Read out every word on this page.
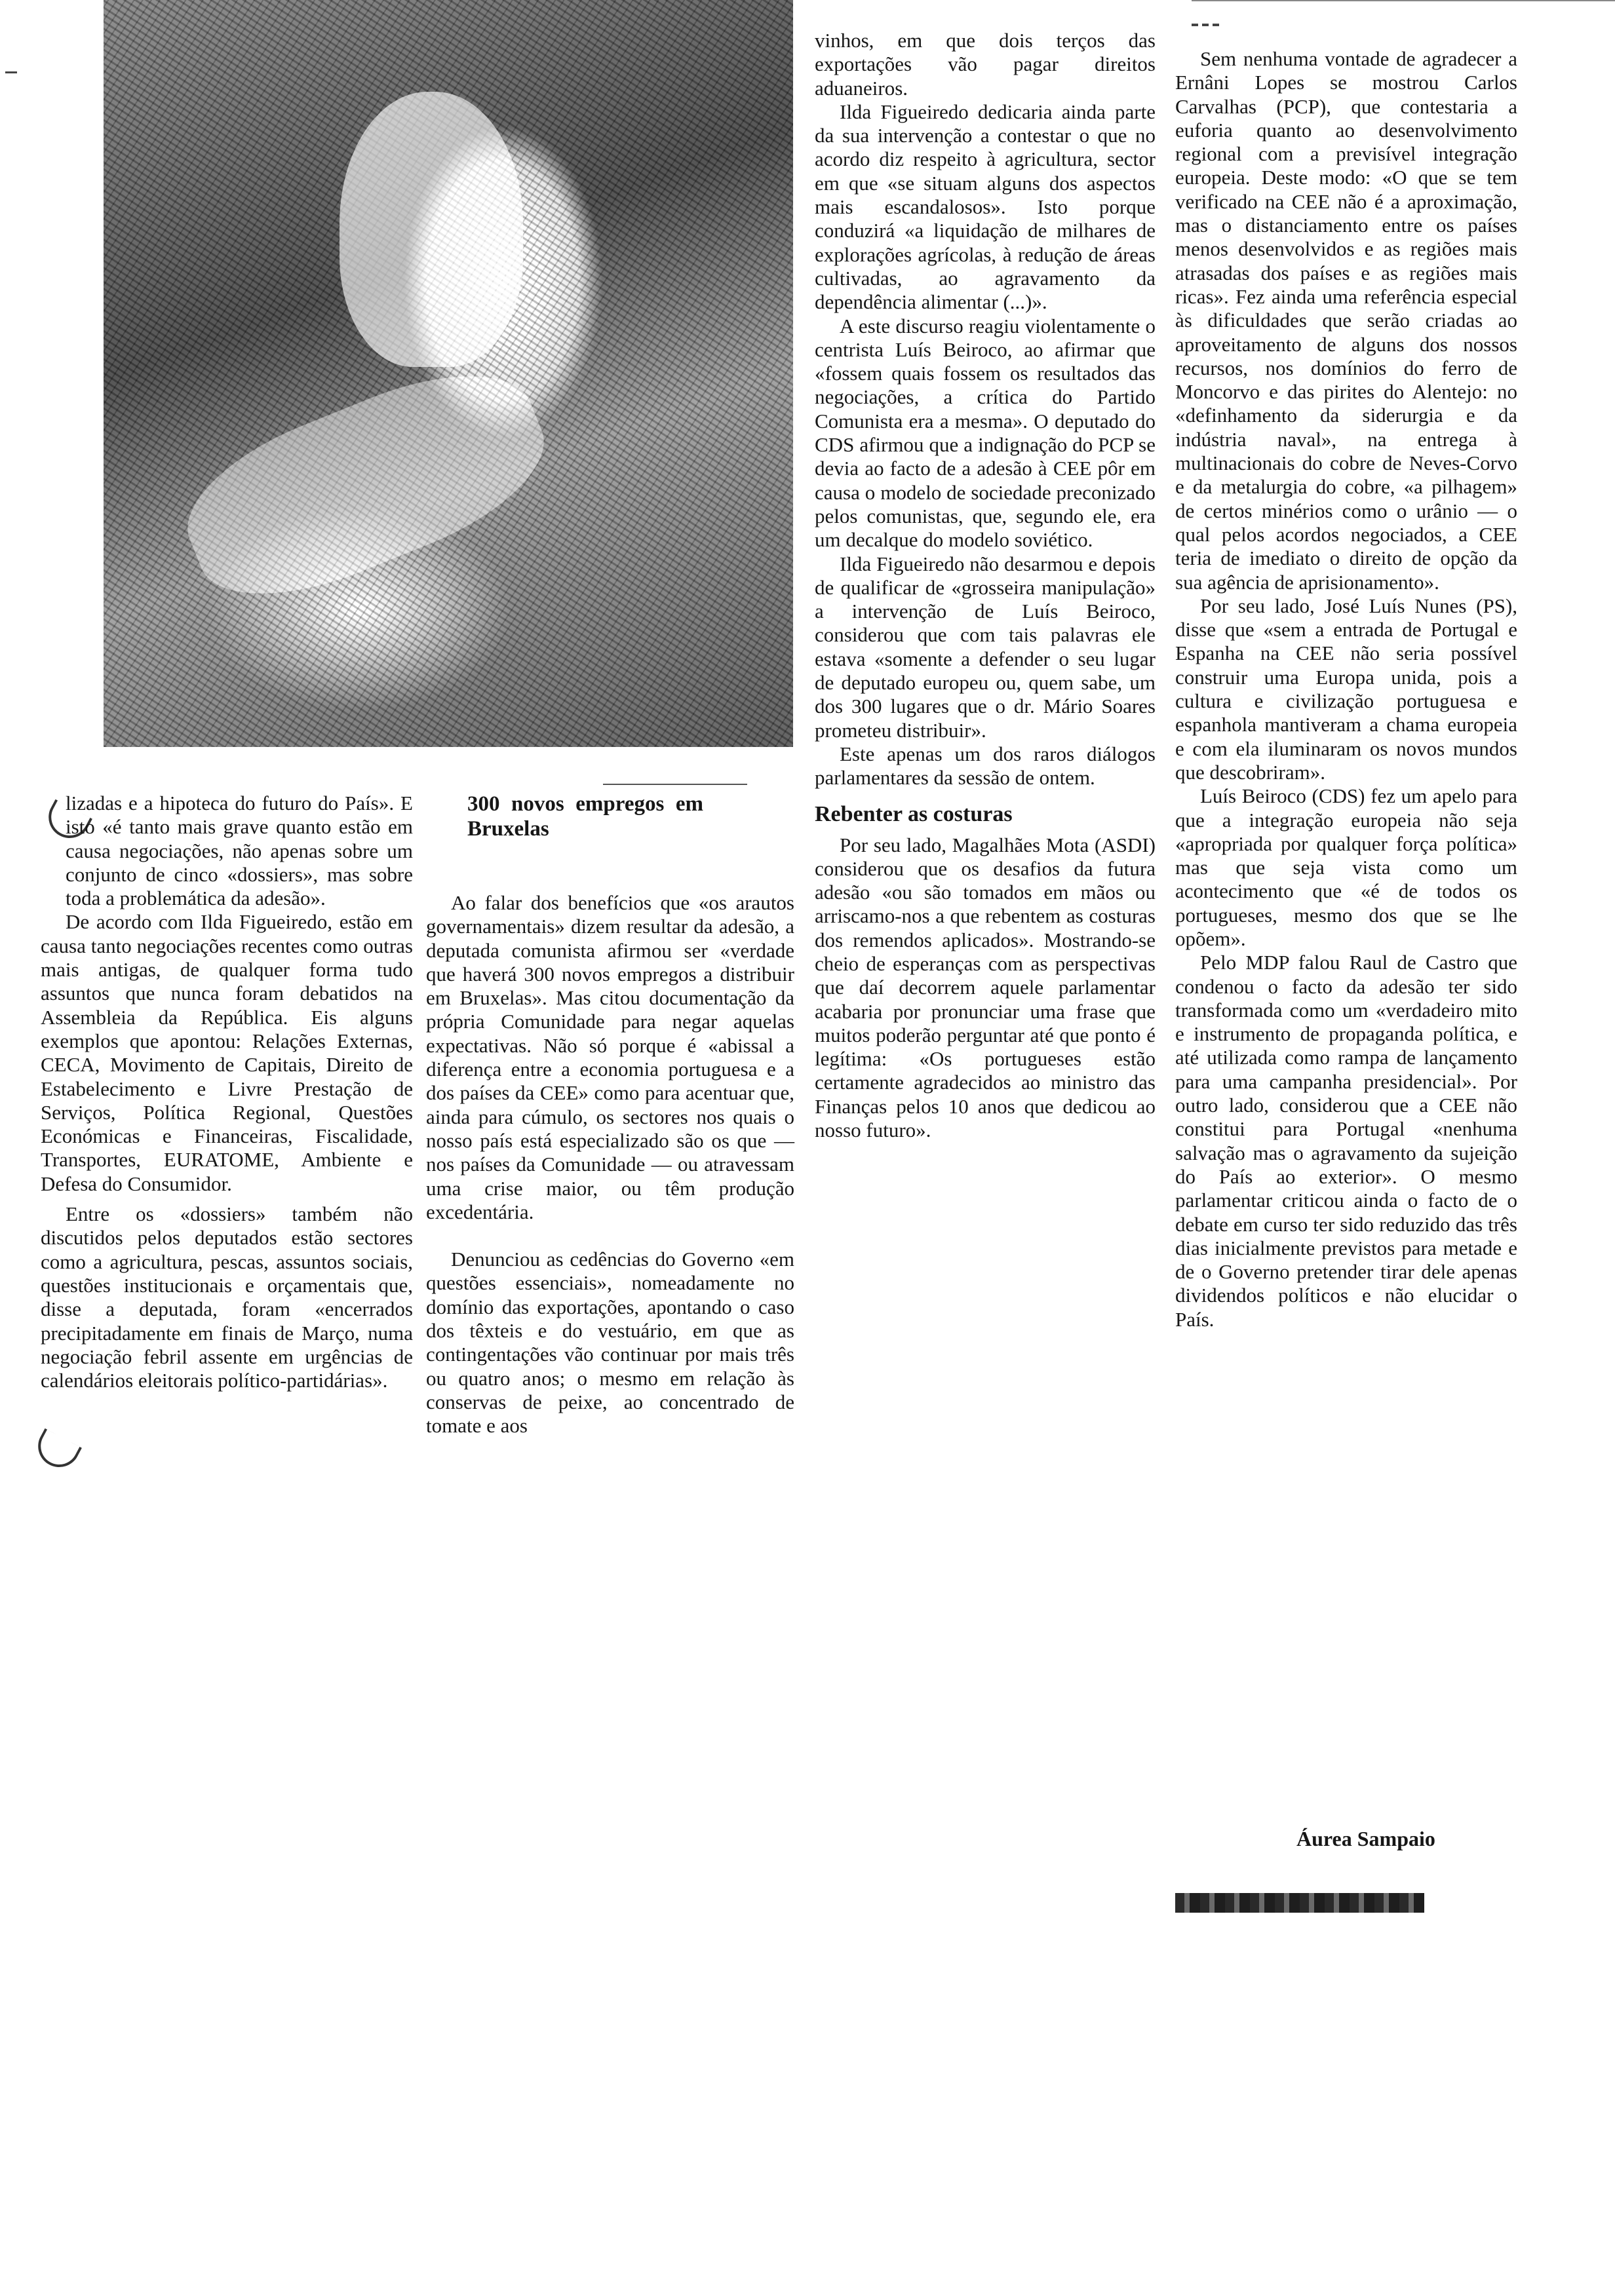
lizadas e a hipoteca do futuro do País». E isto «é tanto mais grave quanto estão em causa negociações, não apenas sobre um conjunto de cinco «dossiers», mas sobre toda a problemática da adesão».

De acordo com Ilda Figueiredo, estão em causa tanto negociações recentes como outras mais antigas, de qualquer forma tudo assuntos que nunca foram debatidos na Assembleia da República. Eis alguns exemplos que apontou: Relações Externas, CECA, Movimento de Capitais, Direito de Estabelecimento e Livre Prestação de Serviços, Política Regional, Questões Económicas e Financeiras, Fiscalidade, Transportes, EURATOME, Ambiente e Defesa do Consumidor.

Entre os «dossiers» também não discutidos pelos deputados estão sectores como a agricultura, pescas, assuntos sociais, questões institucionais e orçamentais que, disse a deputada, foram «encerrados precipitadamente em finais de Março, numa negociação febril assente em urgências de calendários eleitorais político-partidárias».

300 novos empregos em Bruxelas

Ao falar dos benefícios que «os arautos governamentais» dizem resultar da adesão, a deputada comunista afirmou ser «verdade que haverá 300 novos empregos a distribuir em Bruxelas». Mas citou documentação da própria Comunidade para negar aquelas expectativas. Não só porque é «abissal a diferença entre a economia portuguesa e a dos países da CEE» como para acentuar que, ainda para cúmulo, os sectores nos quais o nosso país está especializado são os que — nos países da Comunidade — ou atravessam uma crise maior, ou têm produção excedentária.

Denunciou as cedências do Governo «em questões essenciais», nomeadamente no domínio das exportações, apontando o caso dos têxteis e do vestuário, em que as contingentações vão continuar por mais três ou quatro anos; o mesmo em relação às conservas de peixe, ao concentrado de tomate e aos

vinhos, em que dois terços das exportações vão pagar direitos aduaneiros.

Ilda Figueiredo dedicaria ainda parte da sua intervenção a contestar o que no acordo diz respeito à agricultura, sector em que «se situam alguns dos aspectos mais escandalosos». Isto porque conduzirá «a liquidação de milhares de explorações agrícolas, à redução de áreas cultivadas, ao agravamento da dependência alimentar (...)».

A este discurso reagiu violentamente o centrista Luís Beiroco, ao afirmar que «fossem quais fossem os resultados das negociações, a crítica do Partido Comunista era a mesma». O deputado do CDS afirmou que a indignação do PCP se devia ao facto de a adesão à CEE pôr em causa o modelo de sociedade preconizado pelos comunistas, que, segundo ele, era um decalque do modelo soviético.

Ilda Figueiredo não desarmou e depois de qualificar de «grosseira manipulação» a intervenção de Luís Beiroco, considerou que com tais palavras ele estava «somente a defender o seu lugar de deputado europeu ou, quem sabe, um dos 300 lugares que o dr. Mário Soares prometeu distribuir».

Este apenas um dos raros diálogos parlamentares da sessão de ontem.

Rebenter as costuras

Por seu lado, Magalhães Mota (ASDI) considerou que os desafios da futura adesão «ou são tomados em mãos ou arriscamo-nos a que rebentem as costuras dos remendos aplicados». Mostrando-se cheio de esperanças com as perspectivas que daí decorrem aquele parlamentar acabaria por pronunciar uma frase que muitos poderão perguntar até que ponto é legítima: «Os portugueses estão certamente agradecidos ao ministro das Finanças pelos 10 anos que dedicou ao nosso futuro».

Sem nenhuma vontade de agradecer a Ernâni Lopes se mostrou Carlos Carvalhas (PCP), que contestaria a euforia quanto ao desenvolvimento regional com a previsível integração europeia. Deste modo: «O que se tem verificado na CEE não é a aproximação, mas o distanciamento entre os países menos desenvolvidos e as regiões mais atrasadas dos países e as regiões mais ricas». Fez ainda uma referência especial às dificuldades que serão criadas ao aproveitamento de alguns dos nossos recursos, nos domínios do ferro de Moncorvo e das pirites do Alentejo: no «definhamento da siderurgia e da indústria naval», na entrega à multinacionais do cobre de Neves-Corvo e da metalurgia do cobre, «a pilhagem» de certos minérios como o urânio — o qual pelos acordos negociados, a CEE teria de imediato o direito de opção da sua agência de aprisionamento».

Por seu lado, José Luís Nunes (PS), disse que «sem a entrada de Portugal e Espanha na CEE não seria possível construir uma Europa unida, pois a cultura e civilização portuguesa e espanhola mantiveram a chama europeia e com ela iluminaram os novos mundos que descobriram».

Luís Beiroco (CDS) fez um apelo para que a integração europeia não seja «apropriada por qualquer força política» mas que seja vista como um acontecimento que «é de todos os portugueses, mesmo dos que se lhe opõem».

Pelo MDP falou Raul de Castro que condenou o facto da adesão ter sido transformada como um «verdadeiro mito e instrumento de propaganda política, e até utilizada como rampa de lançamento para uma campanha presidencial». Por outro lado, considerou que a CEE não constitui para Portugal «nenhuma salvação mas o agravamento da sujeição do País ao exterior». O mesmo parlamentar criticou ainda o facto de o debate em curso ter sido reduzido das três dias inicialmente previstos para metade e de o Governo pretender tirar dele apenas dividendos políticos e não elucidar o País.

Áurea Sampaio
